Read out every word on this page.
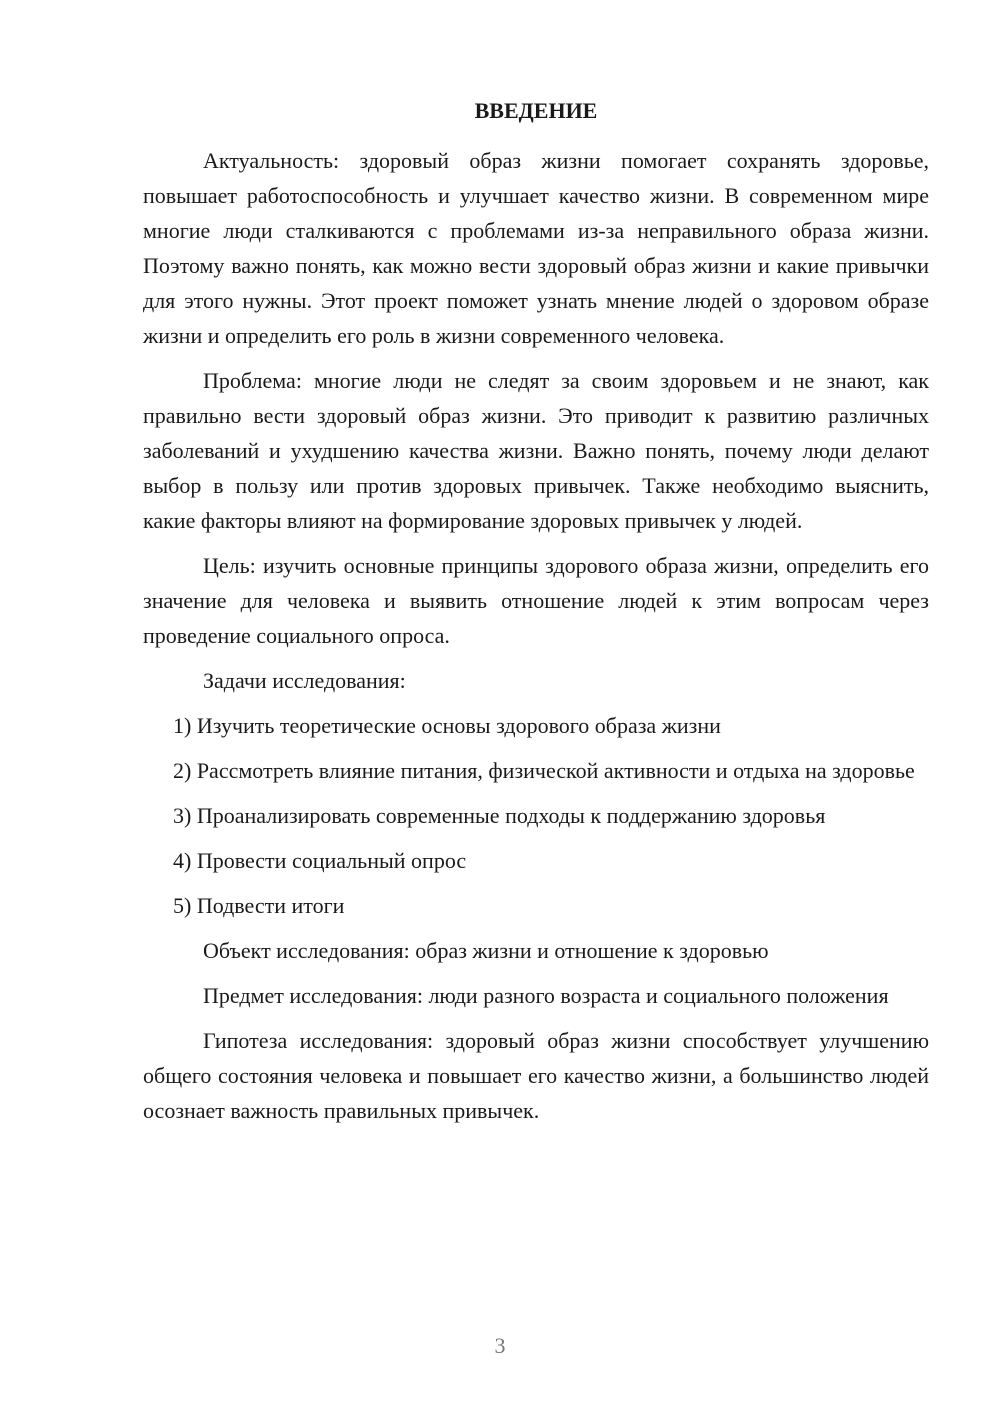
ВВЕДЕНИЕ

Актуальность: здоровый образ жизни помогает сохранять здоровье, повышает работоспособность и улучшает качество жизни. В современном мире многие люди сталкиваются с проблемами из-за неправильного образа жизни. Поэтому важно понять, как можно вести здоровый образ жизни и какие привычки для этого нужны. Этот проект поможет узнать мнение людей о здоровом образе жизни и определить его роль в жизни современного человека.

Проблема: многие люди не следят за своим здоровьем и не знают, как правильно вести здоровый образ жизни. Это приводит к развитию различных заболеваний и ухудшению качества жизни. Важно понять, почему люди делают выбор в пользу или против здоровых привычек. Также необходимо выяснить, какие факторы влияют на формирование здоровых привычек у людей.

Цель: изучить основные принципы здорового образа жизни, определить его значение для человека и выявить отношение людей к этим вопросам через проведение социального опроса.

Задачи исследования:

1) Изучить теоретические основы здорового образа жизни

2) Рассмотреть влияние питания, физической активности и отдыха на здоровье

3) Проанализировать современные подходы к поддержанию здоровья

4) Провести социальный опрос

5) Подвести итоги

Объект исследования: образ жизни и отношение к здоровью

Предмет исследования: люди разного возраста и социального положения

Гипотеза исследования: здоровый образ жизни способствует улучшению общего состояния человека и повышает его качество жизни, а большинство людей осознает важность правильных привычек.

3
